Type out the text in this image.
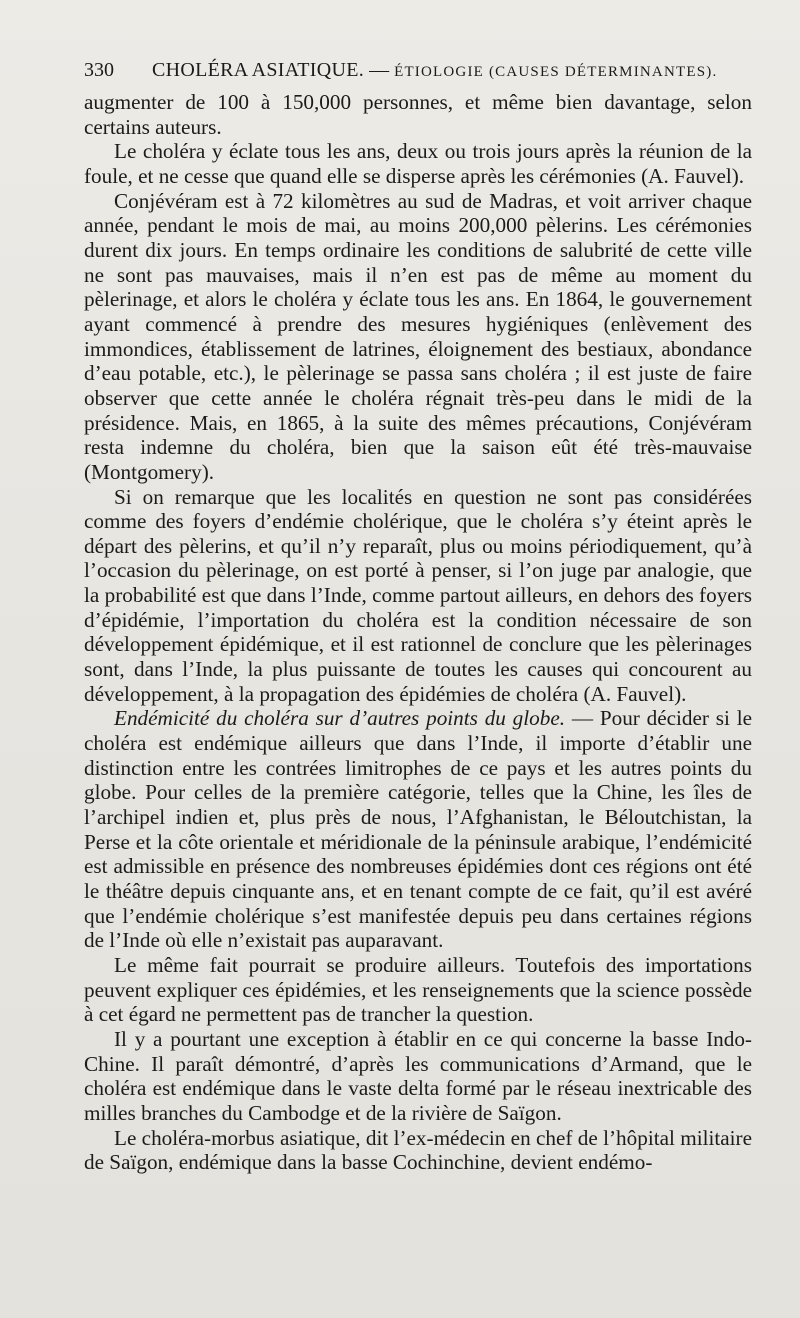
330 CHOLÉRA ASIATIQUE. — ÉTIOLOGIE (CAUSES DÉTERMINANTES).

augmenter de 100 à 150,000 personnes, et même bien davantage, selon certains auteurs.

Le choléra y éclate tous les ans, deux ou trois jours après la réunion de la foule, et ne cesse que quand elle se disperse après les cérémonies (A. Fauvel).

Conjévéram est à 72 kilomètres au sud de Madras, et voit arriver chaque année, pendant le mois de mai, au moins 200,000 pèlerins. Les cérémonies durent dix jours. En temps ordinaire les conditions de salubrité de cette ville ne sont pas mauvaises, mais il n’en est pas de même au moment du pèlerinage, et alors le choléra y éclate tous les ans. En 1864, le gouvernement ayant commencé à prendre des mesures hygiéniques (enlèvement des immondices, établissement de latrines, éloignement des bestiaux, abondance d’eau potable, etc.), le pèlerinage se passa sans choléra ; il est juste de faire observer que cette année le choléra régnait très-peu dans le midi de la présidence. Mais, en 1865, à la suite des mêmes précautions, Conjévéram resta indemne du choléra, bien que la saison eût été très-mauvaise (Montgomery).

Si on remarque que les localités en question ne sont pas considérées comme des foyers d’endémie cholérique, que le choléra s’y éteint après le départ des pèlerins, et qu’il n’y reparaît, plus ou moins périodiquement, qu’à l’occasion du pèlerinage, on est porté à penser, si l’on juge par analogie, que la probabilité est que dans l’Inde, comme partout ailleurs, en dehors des foyers d’épidémie, l’importation du choléra est la condition nécessaire de son développement épidémique, et il est rationnel de conclure que les pèlerinages sont, dans l’Inde, la plus puissante de toutes les causes qui concourent au développement, à la propagation des épidémies de choléra (A. Fauvel).

Endémicité du choléra sur d’autres points du globe. — Pour décider si le choléra est endémique ailleurs que dans l’Inde, il importe d’établir une distinction entre les contrées limitrophes de ce pays et les autres points du globe. Pour celles de la première catégorie, telles que la Chine, les îles de l’archipel indien et, plus près de nous, l’Afghanistan, le Béloutchistan, la Perse et la côte orientale et méridionale de la péninsule arabique, l’endémicité est admissible en présence des nombreuses épidémies dont ces régions ont été le théâtre depuis cinquante ans, et en tenant compte de ce fait, qu’il est avéré que l’endémie cholérique s’est manifestée depuis peu dans certaines régions de l’Inde où elle n’existait pas auparavant.

Le même fait pourrait se produire ailleurs. Toutefois des importations peuvent expliquer ces épidémies, et les renseignements que la science possède à cet égard ne permettent pas de trancher la question.

Il y a pourtant une exception à établir en ce qui concerne la basse Indo-Chine. Il paraît démontré, d’après les communications d’Armand, que le choléra est endémique dans le vaste delta formé par le réseau inextricable des milles branches du Cambodge et de la rivière de Saïgon.

Le choléra-morbus asiatique, dit l’ex-médecin en chef de l’hôpital militaire de Saïgon, endémique dans la basse Cochinchine, devient endémo-
